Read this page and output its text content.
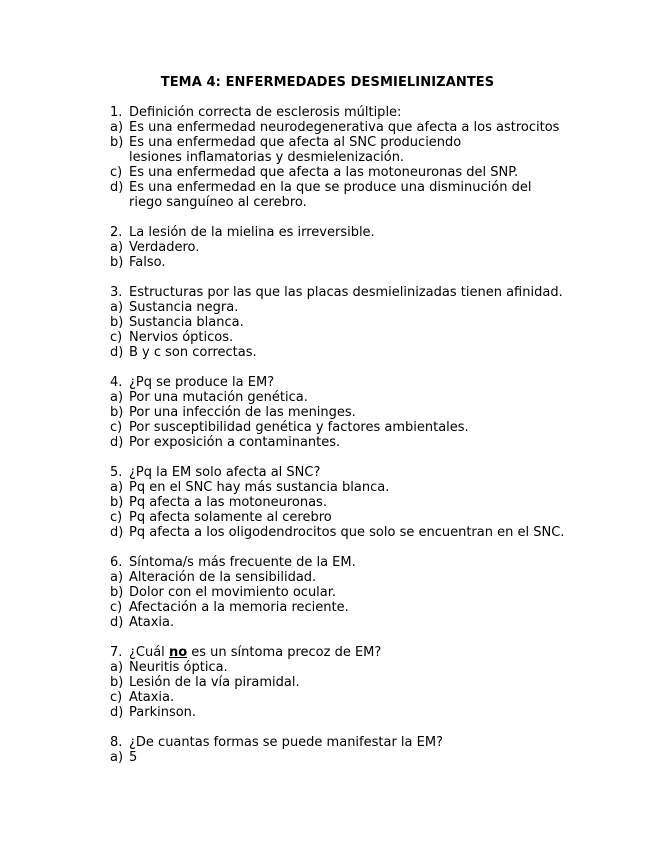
TEMA 4: ENFERMEDADES DESMIELINIZANTES
1. Definición correcta de esclerosis múltiple:
a) Es una enfermedad neurodegenerativa que afecta a los astrocitos
b) Es una enfermedad que afecta al SNC produciendo lesiones inflamatorias y desmielenización.
c) Es una enfermedad que afecta a las motoneuronas del SNP.
d) Es una enfermedad en la que se produce una disminución del riego sanguíneo al cerebro.
2. La lesión de la mielina es irreversible.
a) Verdadero.
b) Falso.
3. Estructuras por las que las placas desmielinizadas tienen afinidad.
a) Sustancia negra.
b) Sustancia blanca.
c) Nervios ópticos.
d) B y c son correctas.
4. ¿Pq se produce la EM?
a) Por una mutación genética.
b) Por una infección de las meninges.
c) Por susceptibilidad genética y factores ambientales.
d) Por exposición a contaminantes.
5. ¿Pq la EM solo afecta al SNC?
a) Pq en el SNC hay más sustancia blanca.
b) Pq afecta a las motoneuronas.
c) Pq afecta solamente al cerebro
d) Pq afecta a los oligodendrocitos que solo se encuentran en el SNC.
6. Síntoma/s más frecuente de la EM.
a) Alteración de la sensibilidad.
b) Dolor con el movimiento ocular.
c) Afectación a la memoria reciente.
d) Ataxia.
7. ¿Cuál no es un síntoma precoz de EM?
a) Neuritis óptica.
b) Lesión de la vía piramidal.
c) Ataxia.
d) Parkinson.
8. ¿De cuantas formas se puede manifestar la EM?
a) 5
